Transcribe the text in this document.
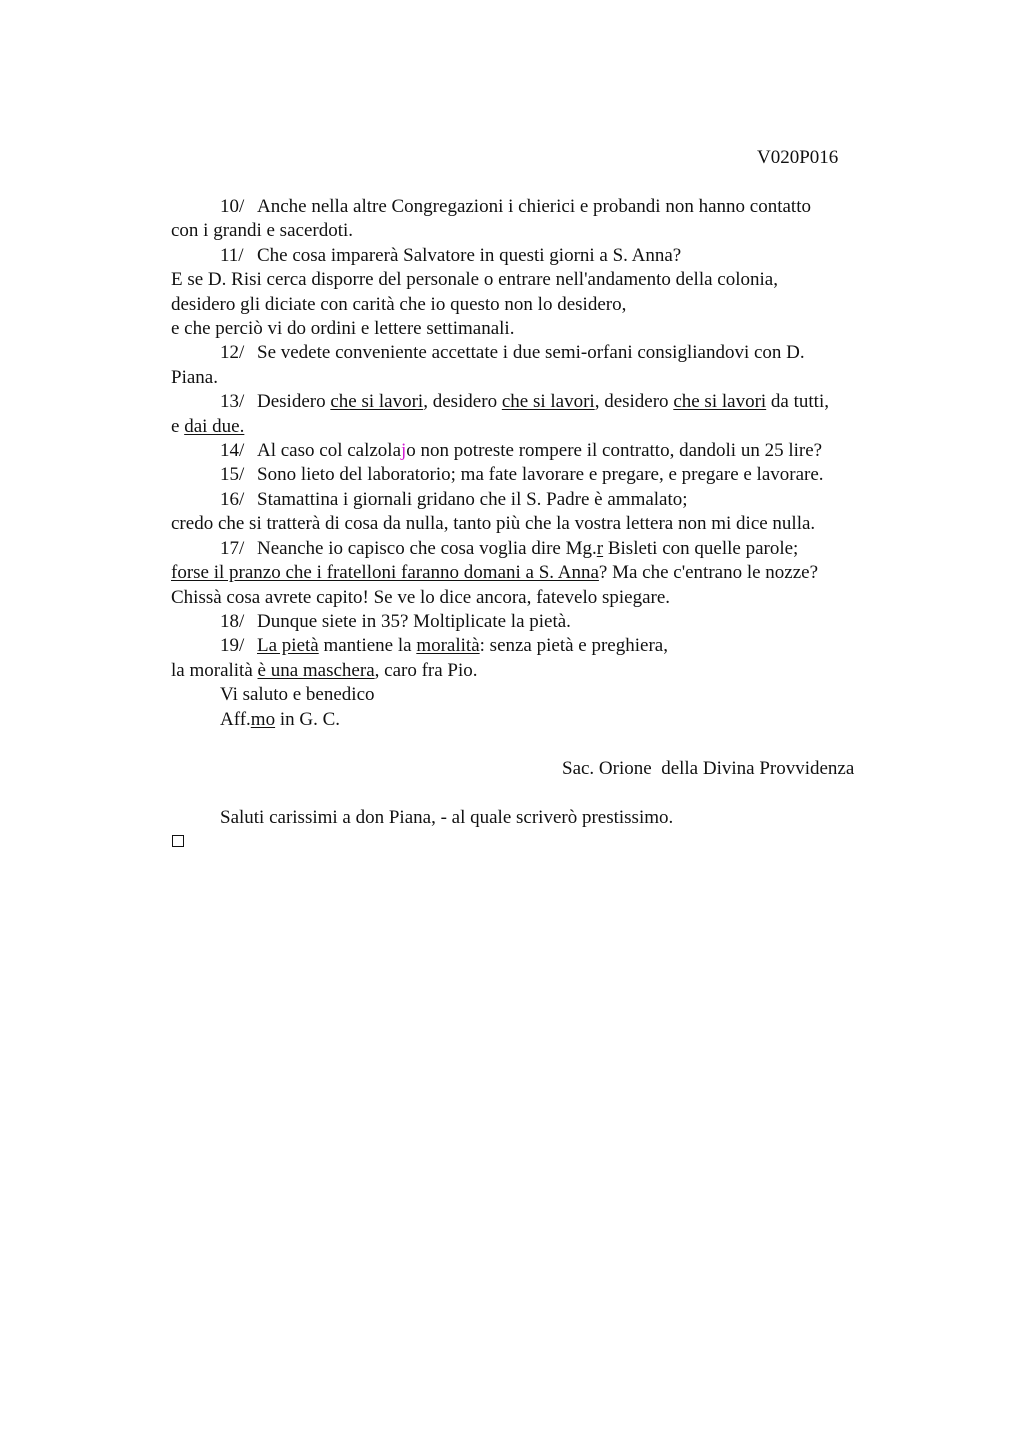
V020P016
10/ Anche nella altre Congregazioni i chierici e probandi non hanno contatto
con i grandi e sacerdoti.
11/ Che cosa imparerà Salvatore in questi giorni a S. Anna?
E se D. Risi cerca disporre del personale o entrare nell'andamento della colonia,
desidero gli diciate con carità che io questo non lo desidero,
e che perciò vi do ordini e lettere settimanali.
12/ Se vedete conveniente accettate i due semi-orfani consigliandovi con D.
Piana.
13/ Desidero che si lavori, desidero che si lavori, desidero che si lavori da tutti,
e dai due.
14/ Al caso col calzolajo non potreste rompere il contratto, dandoli un 25 lire?
15/ Sono lieto del laboratorio; ma fate lavorare e pregare, e pregare e lavorare.
16/ Stamattina i giornali gridano che il S. Padre è ammalato;
credo che si tratterà di cosa da nulla, tanto più che la vostra lettera non mi dice nulla.
17/ Neanche io capisco che cosa voglia dire Mg.r Bisleti con quelle parole;
forse il pranzo che i fratelloni faranno domani a S. Anna? Ma che c'entrano le nozze?
Chissà cosa avrete capito! Se ve lo dice ancora, fatevelo spiegare.
18/ Dunque siete in 35? Moltiplicate la pietà.
19/ La pietà mantiene la moralità: senza pietà e preghiera,
la moralità è una maschera, caro fra Pio.
Vi saluto e benedico
Aff.mo in G. C.
Sac. Orione  della Divina Provvidenza
Saluti carissimi a don Piana, - al quale scriverò prestissimo.
